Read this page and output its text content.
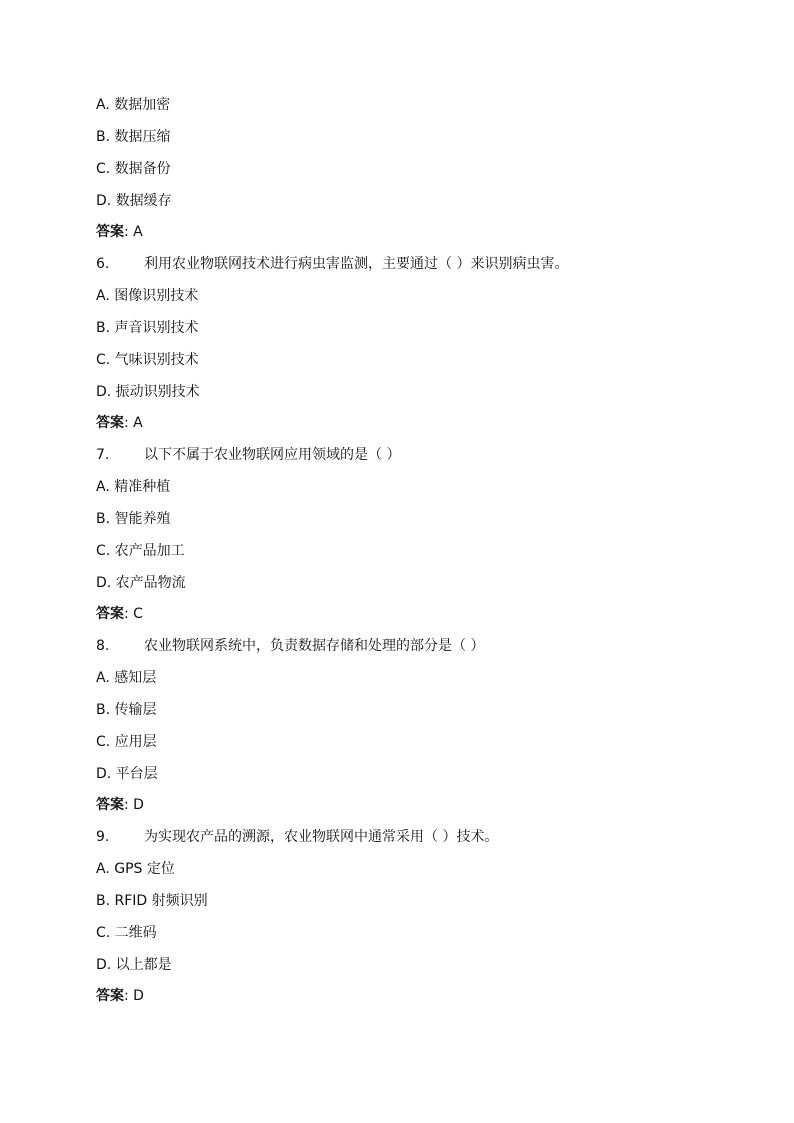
A. 数据加密
B. 数据压缩
C. 数据备份
D. 数据缓存
答案: A
6. 利用农业物联网技术进行病虫害监测，主要通过（ ）来识别病虫害。
A. 图像识别技术
B. 声音识别技术
C. 气味识别技术
D. 振动识别技术
答案: A
7. 以下不属于农业物联网应用领域的是（ ）
A. 精准种植
B. 智能养殖
C. 农产品加工
D. 农产品物流
答案: C
8. 农业物联网系统中，负责数据存储和处理的部分是（ ）
A. 感知层
B. 传输层
C. 应用层
D. 平台层
答案: D
9. 为实现农产品的溯源，农业物联网中通常采用（ ）技术。
A. GPS 定位
B. RFID 射频识别
C. 二维码
D. 以上都是
答案: D
